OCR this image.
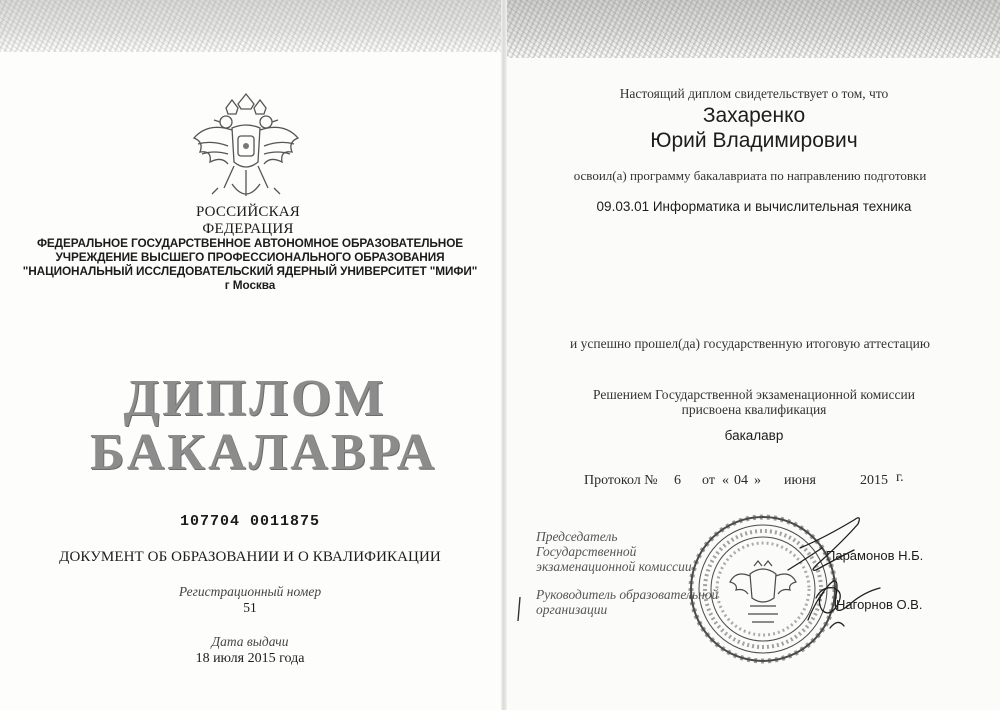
РОССИЙСКАЯ ФЕДЕРАЦИЯ

ФЕДЕРАЛЬНОЕ ГОСУДАРСТВЕННОЕ АВТОНОМНОЕ ОБРАЗОВАТЕЛЬНОЕ
УЧРЕЖДЕНИЕ ВЫСШЕГО ПРОФЕССИОНАЛЬНОГО ОБРАЗОВАНИЯ
"НАЦИОНАЛЬНЫЙ ИССЛЕДОВАТЕЛЬСКИЙ ЯДЕРНЫЙ УНИВЕРСИТЕТ "МИФИ"
г Москва
ДИПЛОМ
БАКАЛАВРА

107704 0011875

ДОКУМЕНТ ОБ ОБРАЗОВАНИИ И О КВАЛИФИКАЦИИ

Регистрационный номер

51

Дата выдачи

18 июля 2015 года

Настоящий диплом свидетельствует о том, что

Захаренко

Юрий Владимирович

освоил(а) программу бакалавриата по направлению подготовки

09.03.01 Информатика и вычислительная техника

и успешно прошел(да) государственную итоговую аттестацию

Решением Государственной экзаменационной комиссии
присвоена квалификация

бакалавр

Протокол № 6 от « 04 » июня	2015 г.
Председатель
Государственной
экзаменационной комиссии

Парамонов Н.Б.

Руководитель образовательной
организации	Нагорнов О.В.
